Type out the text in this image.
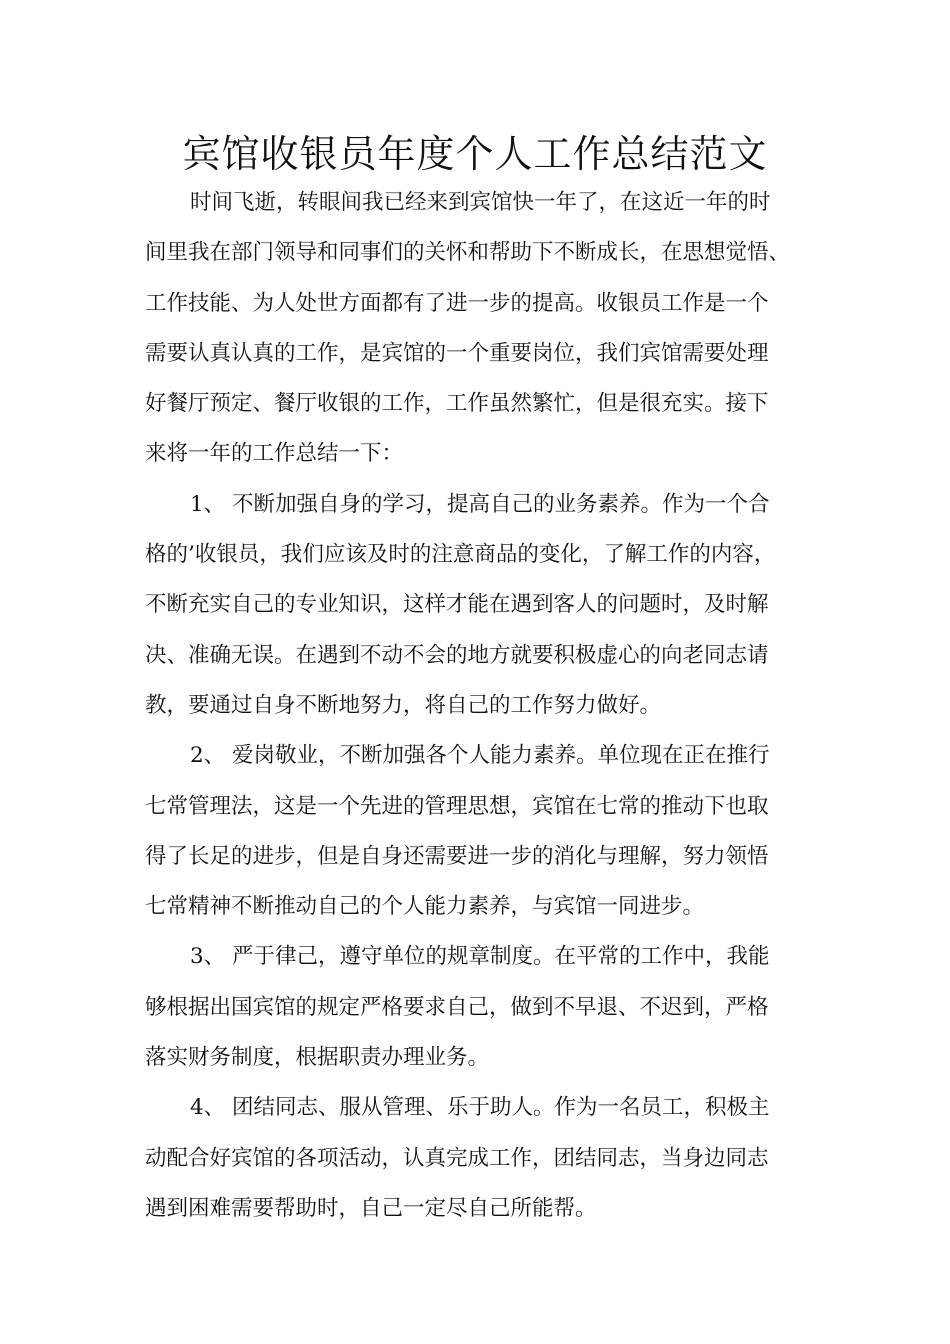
宾馆收银员年度个人工作总结范文

时间飞逝，转眼间我已经来到宾馆快一年了，在这近一年的时
间里我在部门领导和同事们的关怀和帮助下不断成长，在思想觉悟、
工作技能、为人处世方面都有了进一步的提高。收银员工作是一个
需要认真认真的工作，是宾馆的一个重要岗位，我们宾馆需要处理
好餐厅预定、餐厅收银的工作，工作虽然繁忙，但是很充实。接下
来将一年的工作总结一下：

1、 不断加强自身的学习，提高自己的业务素养。作为一个合
格的’收银员，我们应该及时的注意商品的变化，了解工作的内容，
不断充实自己的专业知识，这样才能在遇到客人的问题时，及时解
决、准确无误。在遇到不动不会的地方就要积极虚心的向老同志请
教，要通过自身不断地努力，将自己的工作努力做好。

2、 爱岗敬业，不断加强各个人能力素养。单位现在正在推行
七常管理法，这是一个先进的管理思想，宾馆在七常的推动下也取
得了长足的进步，但是自身还需要进一步的消化与理解，努力领悟
七常精神不断推动自己的个人能力素养，与宾馆一同进步。

3、 严于律己，遵守单位的规章制度。在平常的工作中，我能
够根据出国宾馆的规定严格要求自己，做到不早退、不迟到，严格
落实财务制度，根据职责办理业务。

4、 团结同志、服从管理、乐于助人。作为一名员工，积极主
动配合好宾馆的各项活动，认真完成工作，团结同志，当身边同志
遇到困难需要帮助时，自己一定尽自己所能帮。
